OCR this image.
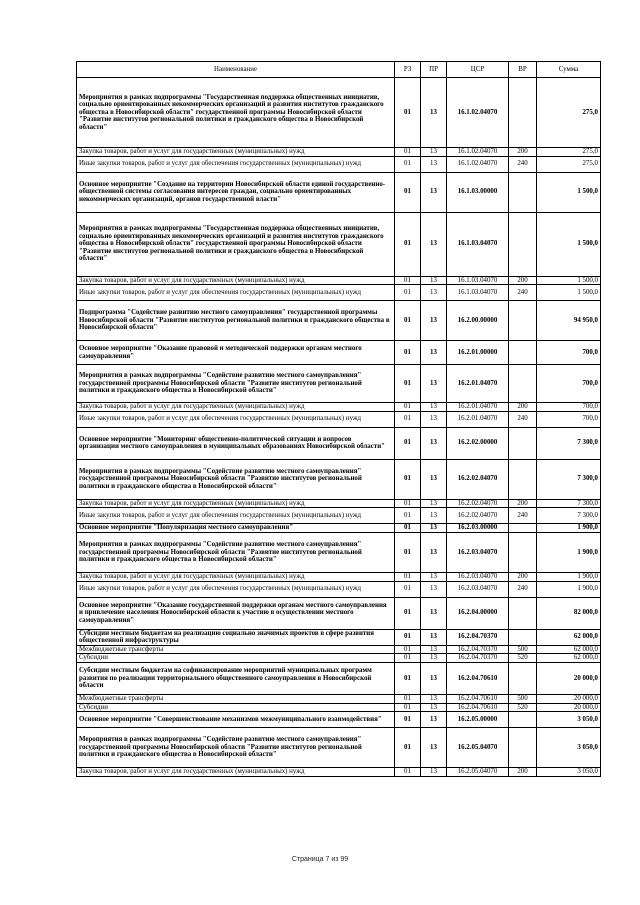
Наименование	РЗ	ПР	ЦСР	ВР	Сумма
Мероприятия в рамках подпрограммы "Государственная поддержка общественных инициатив, социально ориентированных некоммерческих организаций и развития институтов гражданского общества в Новосибирской области" государственной программы Новосибирской области "Развитие институтов региональной политики и гражданского общества в Новосибирской области"	01	13	16.1.02.04070		275,0
Закупка товаров, работ и услуг для государственных (муниципальных) нужд	01	13	16.1.02.04070	200	275,0
Иные закупки товаров, работ и услуг для обеспечения государственных (муниципальных) нужд	01	13	16.1.02.04070	240	275,0
Основное мероприятие "Создание на территории Новосибирской области единой государственно-общественной системы согласования интересов граждан, социально ориентированных некоммерческих организаций, органов государственной власти"	01	13	16.1.03.00000		1 500,0
Мероприятия в рамках подпрограммы "Государственная поддержка общественных инициатив, социально ориентированных некоммерческих организаций и развития институтов гражданского общества в Новосибирской области" государственной программы Новосибирской области "Развитие институтов региональной политики и гражданского общества в Новосибирской области"	01	13	16.1.03.04070		1 500,0
Закупка товаров, работ и услуг для государственных (муниципальных) нужд	01	13	16.1.03.04070	200	1 500,0
Иные закупки товаров, работ и услуг для обеспечения государственных (муниципальных) нужд	01	13	16.1.03.04070	240	1 500,0
Подпрограмма "Содействие развитию местного самоуправления" государственной программы Новосибирской области "Развитие институтов региональной политики и гражданского общества в Новосибирской области"	01	13	16.2.00.00000		94 950,0
Основное мероприятие "Оказание правовой и методической поддержки органам местного самоуправления"	01	13	16.2.01.00000		700,0
Мероприятия в рамках подпрограммы "Содействие развитию местного самоуправления" государственной программы Новосибирской области "Развитие институтов региональной политики и гражданского общества в Новосибирской области"	01	13	16.2.01.04070		700,0
Закупка товаров, работ и услуг для государственных (муниципальных) нужд	01	13	16.2.01.04070	200	700,0
Иные закупки товаров, работ и услуг для обеспечения государственных (муниципальных) нужд	01	13	16.2.01.04070	240	700,0
Основное мероприятие "Мониторинг общественно-политической ситуации и вопросов организации местного самоуправления в муниципальных образованиях Новосибирской области"	01	13	16.2.02.00000		7 300,0
Мероприятия в рамках подпрограммы "Содействие развитию местного самоуправления" государственной программы Новосибирской области "Развитие институтов региональной политики и гражданского общества в Новосибирской области"	01	13	16.2.02.04070		7 300,0
Закупка товаров, работ и услуг для государственных (муниципальных) нужд	01	13	16.2.02.04070	200	7 300,0
Иные закупки товаров, работ и услуг для обеспечения государственных (муниципальных) нужд	01	13	16.2.02.04070	240	7 300,0
Основное мероприятие "Популяризация местного самоуправления"	01	13	16.2.03.00000		1 900,0
Мероприятия в рамках подпрограммы "Содействие развитию местного самоуправления" государственной программы Новосибирской области "Развитие институтов региональной политики и гражданского общества в Новосибирской области"	01	13	16.2.03.04070		1 900,0
Закупка товаров, работ и услуг для государственных (муниципальных) нужд	01	13	16.2.03.04070	200	1 900,0
Иные закупки товаров, работ и услуг для обеспечения государственных (муниципальных) нужд	01	13	16.2.03.04070	240	1 900,0
Основное мероприятие "Оказание государственной поддержки органам местного самоуправления и привлечение населения Новосибирской области к участию в осуществлении местного самоуправления"	01	13	16.2.04.00000		82 000,0
Субсидии местным бюджетам на реализацию социально значимых проектов в сфере развития общественной инфраструктуры	01	13	16.2.04.70370		62 000,0
Межбюджетные трансферты	01	13	16.2.04.70370	500	62 000,0
Субсидии	01	13	16.2.04.70370	520	62 000,0
Субсидии местным бюджетам на софинансирование мероприятий муниципальных программ развития по реализации территориального общественного самоуправления в Новосибирской области	01	13	16.2.04.70610		20 000,0
Межбюджетные трансферты	01	13	16.2.04.70610	500	20 000,0
Субсидии	01	13	16.2.04.70610	520	20 000,0
Основное мероприятие "Совершенствование механизмов межмуниципального взаимодействия"	01	13	16.2.05.00000		3 050,0
Мероприятия в рамках подпрограммы "Содействие развитию местного самоуправления" государственной программы Новосибирской области "Развитие институтов региональной политики и гражданского общества в Новосибирской области"	01	13	16.2.05.04070		3 050,0
Закупка товаров, работ и услуг для государственных (муниципальных) нужд	01	13	16.2.05.04070	200	3 050,0
Страница 7 из 99
